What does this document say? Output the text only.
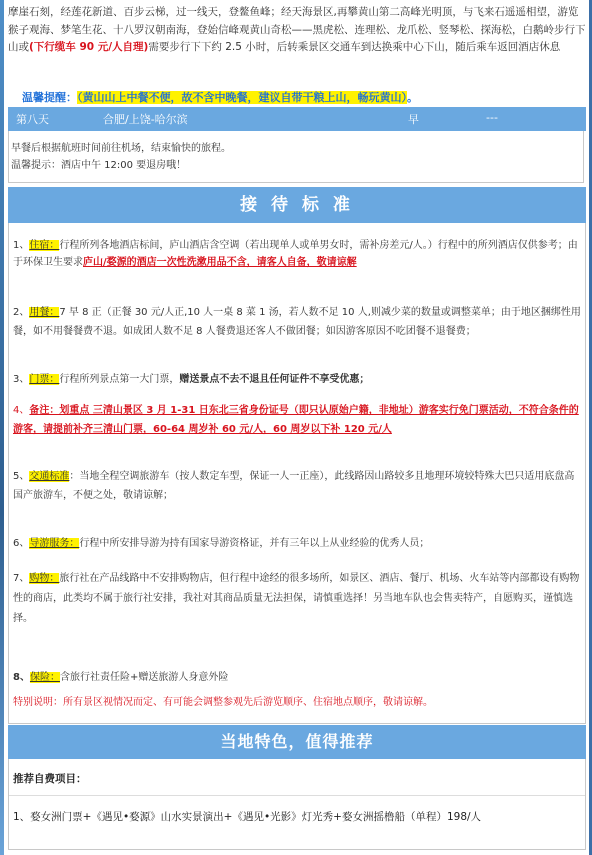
摩崖石刻，经莲花新道、百步云梯，过一线天，登鳌鱼峰；经天海景区,再攀黄山第二高峰光明顶，与飞来石遥遥相望，游览猴子观海、梦笔生花、十八罗汉朝南海，登始信峰观黄山奇松——黑虎松、连理松、龙爪松、竖琴松、探海松，白鹅岭步行下山或(下行缆车 90 元/人自理)需要步行下下约 2.5 小时，后转乘景区交通车到达换乘中心下山，随后乘车返回酒店休息
温馨提醒：（黄山山上中餐不便，故不含中晚餐，建议自带干粮上山，畅玩黄山）。
第八天	合肥/上饶-哈尔滨	早	---
早餐后根据航班时间前往机场，结束愉快的旅程。
温馨提示：酒店中午 12:00 要退房哦！
接 待 标 准
1、住宿：行程所列各地酒店标间，庐山酒店含空调（若出现单人或单男女时，需补房差元/人。）行程中的所列酒店仅供参考；由于环保卫生要求庐山/婺源的酒店一次性洗漱用品不含，请客人自备，敬请谅解
2、用餐：7 早 8 正（正餐 30 元/人正,10 人一桌 8 菜 1 汤，若人数不足 10 人,则减少菜的数量或调整菜单；由于地区捆绑性用餐，如不用餐餐费不退。如成团人数不足 8 人餐费退还客人不做团餐；如因游客原因不吃团餐不退餐费；
3、门票：行程所列景点第一大门票，赠送景点不去不退且任何证件不享受优惠；
4、备注：划重点 三清山景区 3 月 1-31 日东北三省身份证号（即只认原始户籍，非地址）游客实行免门票活动，不符合条件的游客，请提前补齐三清山门票，60-64 周岁补 60 元/人，60 周岁以下补 120 元/人
5、交通标准：当地全程空调旅游车（按人数定车型，保证一人一正座），此线路因山路较多且地理环境较特殊大巴只适用底盘高国产旅游车，不便之处，敬请谅解；
6、导游服务：行程中所安排导游为持有国家导游资格证，并有三年以上从业经验的优秀人员；
7、购物：旅行社在产品线路中不安排购物店，但行程中途经的很多场所，如景区、酒店、餐厅、机场、火车站等内部都设有购物性的商店，此类均不属于旅行社安排，我社对其商品质量无法担保，请慎重选择！另当地车队也会售卖特产，自愿购买，谨慎选择。
8、保险：含旅行社责任险+赠送旅游人身意外险
特别说明：所有景区视情况而定、有可能会调整参观先后游览顺序、住宿地点顺序，敬请谅解。
当地特色，值得推荐
推荐自费项目：
1、婺女洲门票+《遇见•婺源》山水实景演出+《遇见•光影》灯光秀+婺女洲摇橹船（单程）198/人
